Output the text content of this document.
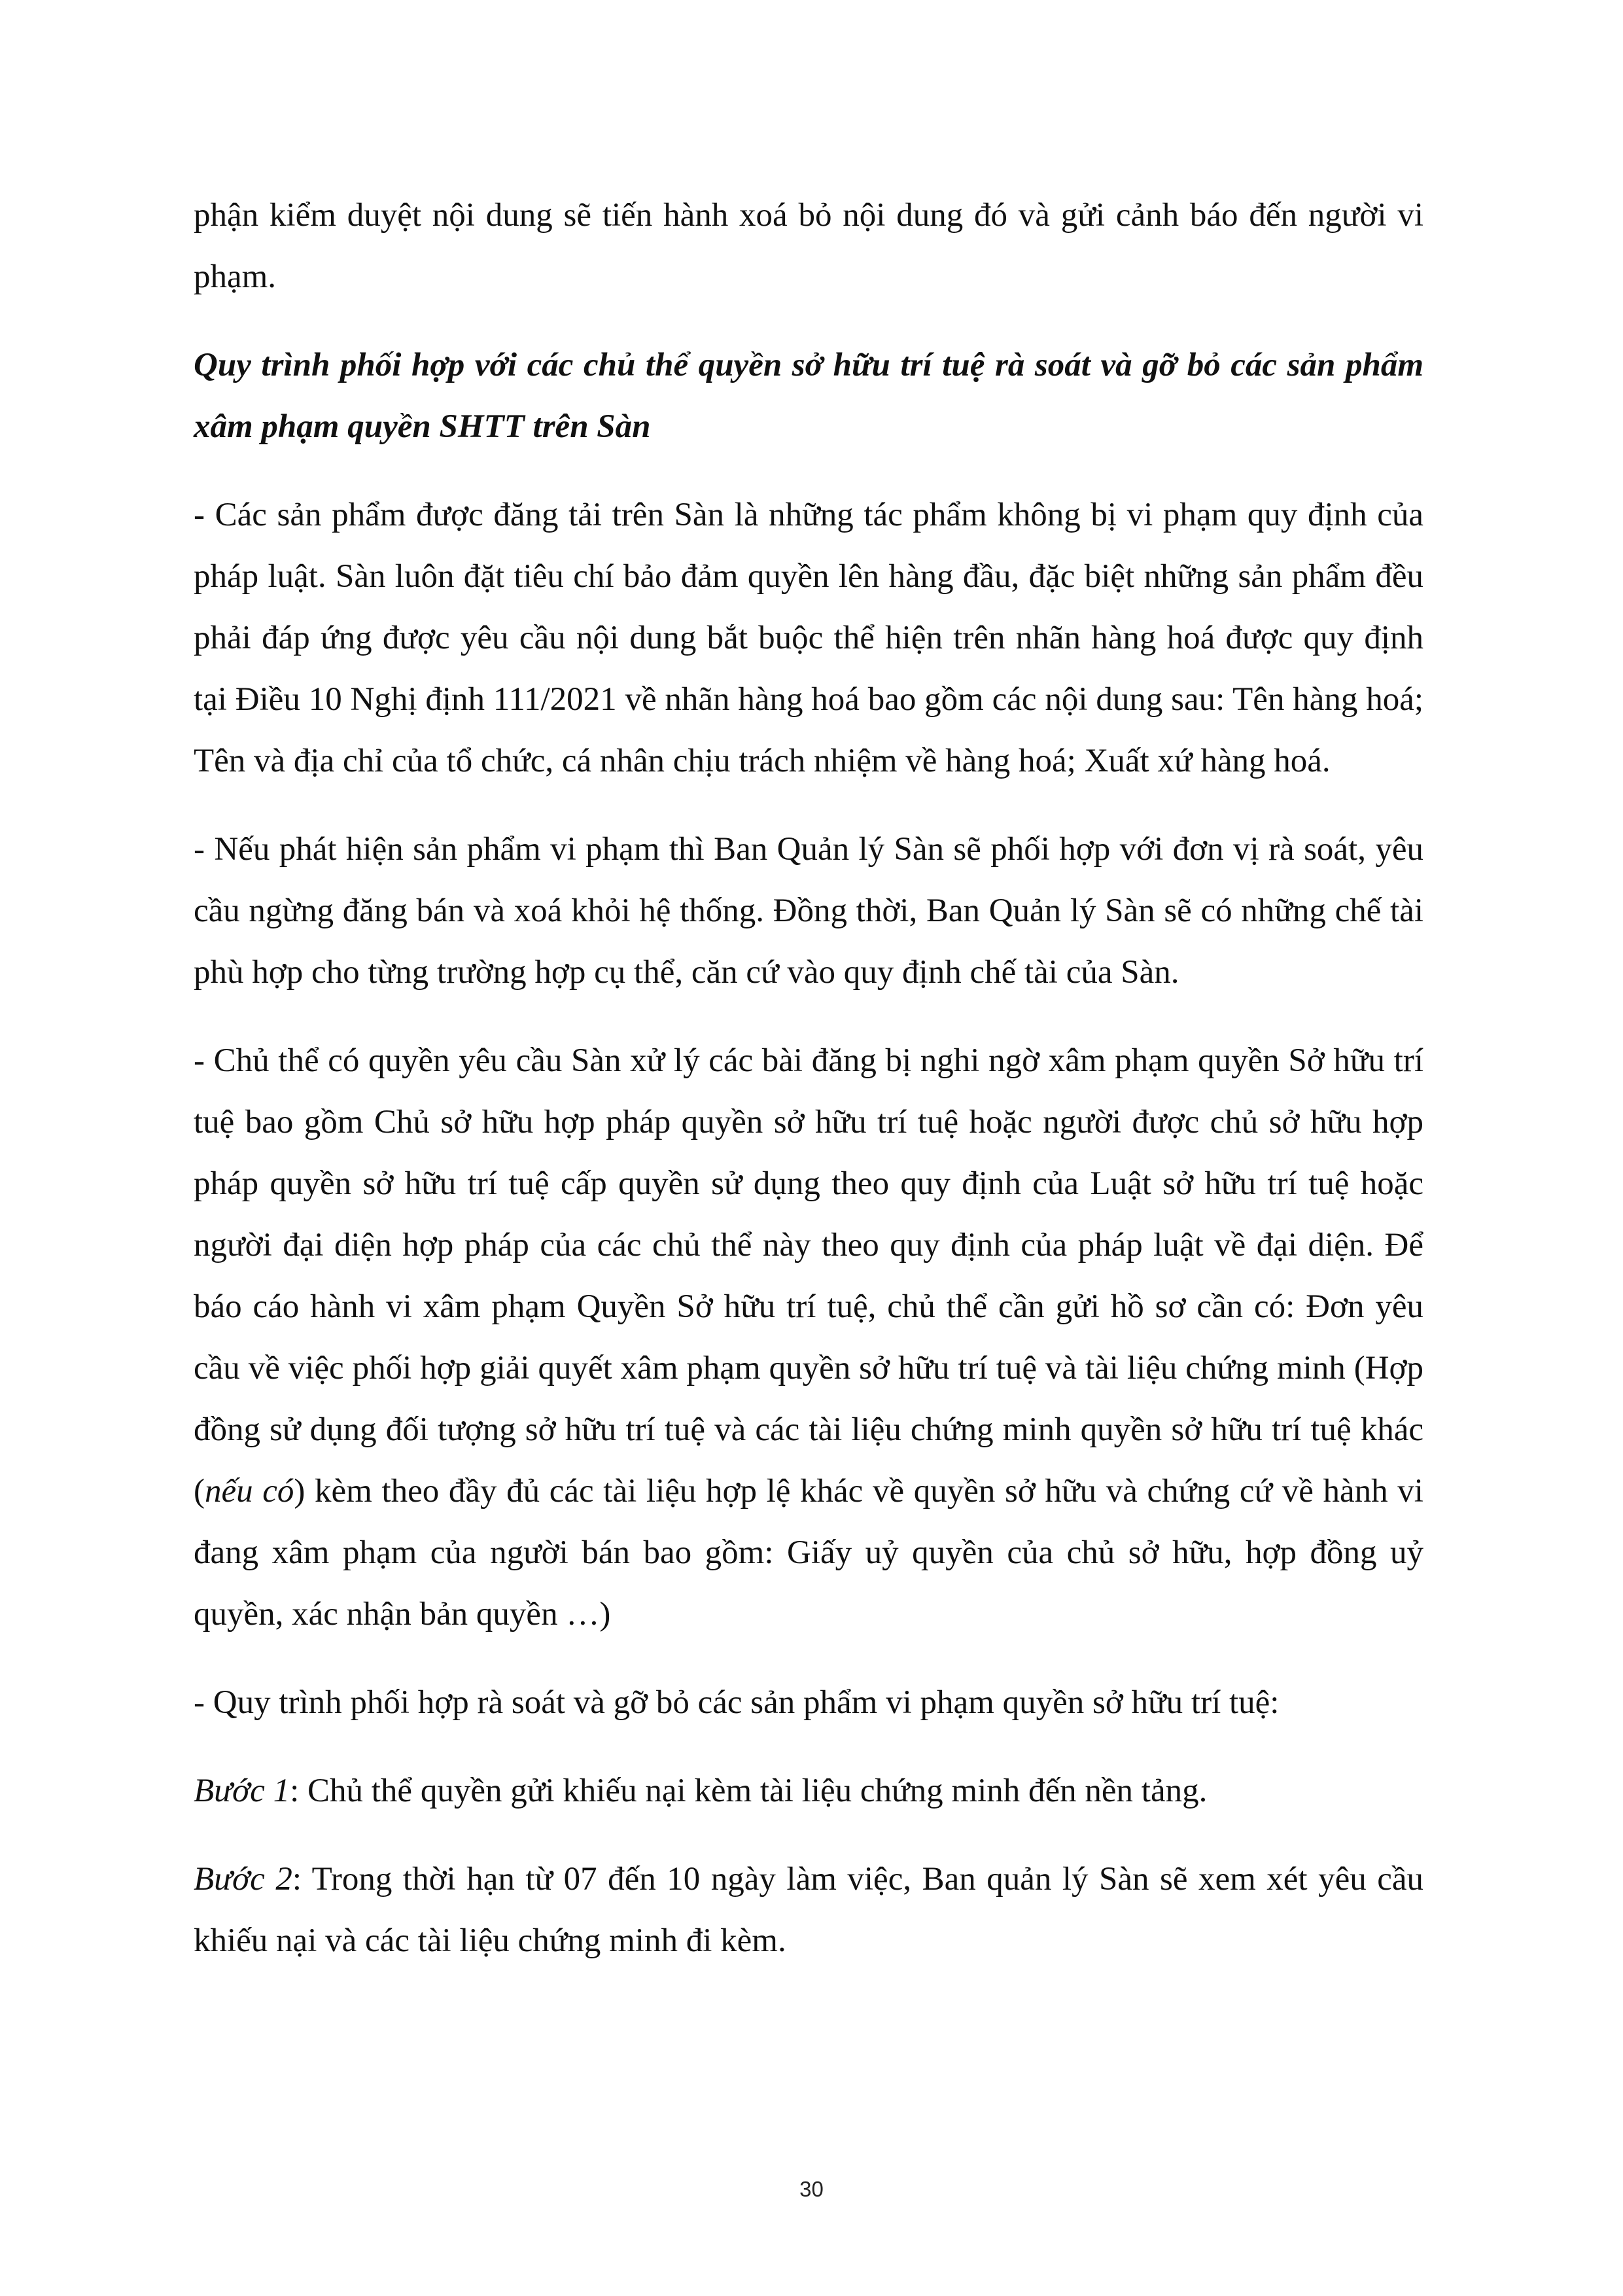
phận kiểm duyệt nội dung sẽ tiến hành xoá bỏ nội dung đó và gửi cảnh báo đến người vi phạm.

Quy trình phối hợp với các chủ thể quyền sở hữu trí tuệ rà soát và gỡ bỏ các sản phẩm xâm phạm quyền SHTT trên Sàn

- Các sản phẩm được đăng tải trên Sàn là những tác phẩm không bị vi phạm quy định của pháp luật. Sàn luôn đặt tiêu chí bảo đảm quyền lên hàng đầu, đặc biệt những sản phẩm đều phải đáp ứng được yêu cầu nội dung bắt buộc thể hiện trên nhãn hàng hoá được quy định tại Điều 10 Nghị định 111/2021 về nhãn hàng hoá bao gồm các nội dung sau: Tên hàng hoá; Tên và địa chỉ của tổ chức, cá nhân chịu trách nhiệm về hàng hoá; Xuất xứ hàng hoá.

- Nếu phát hiện sản phẩm vi phạm thì Ban Quản lý Sàn sẽ phối hợp với đơn vị rà soát, yêu cầu ngừng đăng bán và xoá khỏi hệ thống. Đồng thời, Ban Quản lý Sàn sẽ có những chế tài phù hợp cho từng trường hợp cụ thể, căn cứ vào quy định chế tài của Sàn.

- Chủ thể có quyền yêu cầu Sàn xử lý các bài đăng bị nghi ngờ xâm phạm quyền Sở hữu trí tuệ bao gồm Chủ sở hữu hợp pháp quyền sở hữu trí tuệ hoặc người được chủ sở hữu hợp pháp quyền sở hữu trí tuệ cấp quyền sử dụng theo quy định của Luật sở hữu trí tuệ hoặc người đại diện hợp pháp của các chủ thể này theo quy định của pháp luật về đại diện. Để báo cáo hành vi xâm phạm Quyền Sở hữu trí tuệ, chủ thể cần gửi hồ sơ cần có: Đơn yêu cầu về việc phối hợp giải quyết xâm phạm quyền sở hữu trí tuệ và tài liệu chứng minh (Hợp đồng sử dụng đối tượng sở hữu trí tuệ và các tài liệu chứng minh quyền sở hữu trí tuệ khác (nếu có) kèm theo đầy đủ các tài liệu hợp lệ khác về quyền sở hữu và chứng cứ về hành vi đang xâm phạm của người bán bao gồm: Giấy uỷ quyền của chủ sở hữu, hợp đồng uỷ quyền, xác nhận bản quyền …)

- Quy trình phối hợp rà soát và gỡ bỏ các sản phẩm vi phạm quyền sở hữu trí tuệ:

Bước 1: Chủ thể quyền gửi khiếu nại kèm tài liệu chứng minh đến nền tảng.

Bước 2: Trong thời hạn từ 07 đến 10 ngày làm việc, Ban quản lý Sàn sẽ xem xét yêu cầu khiếu nại và các tài liệu chứng minh đi kèm.

30
